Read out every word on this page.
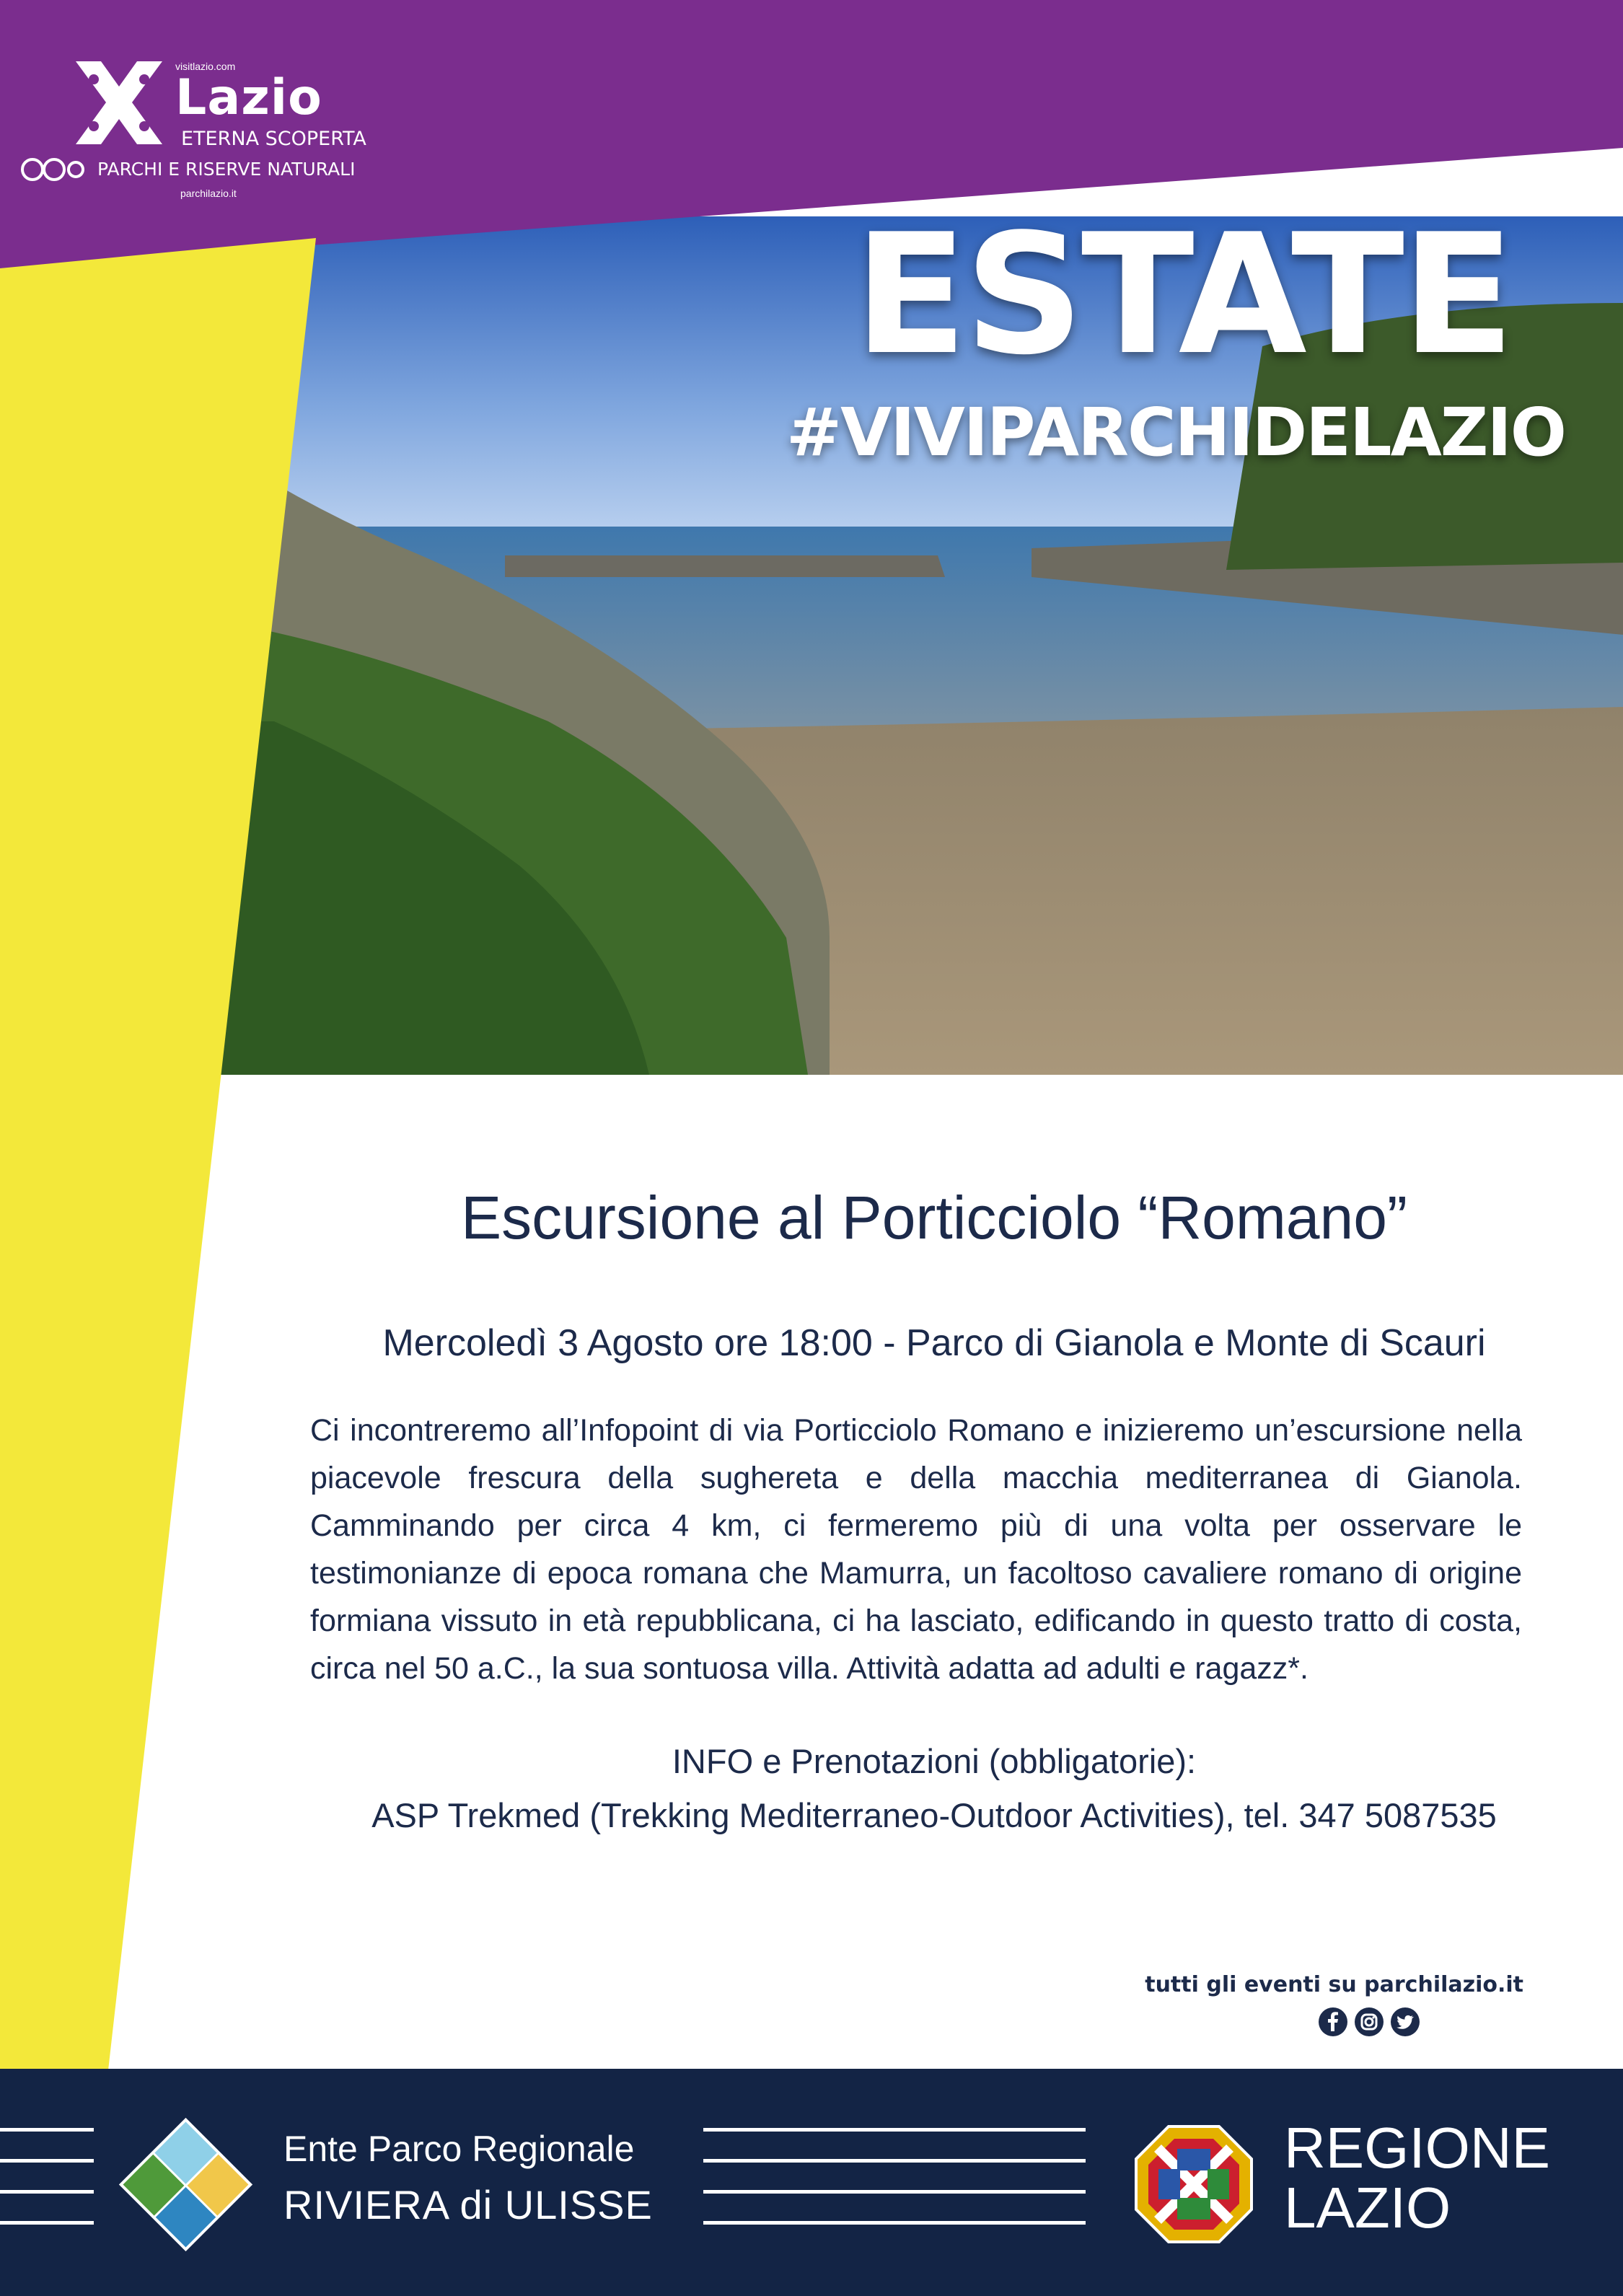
visitlazio.com
Lazio
ETERNA SCOPERTA
PARCHI E RISERVE NATURALI
parchilazio.it
ESTATE
#VIVIPARCHIDELAZIO
Escursione al Porticciolo “Romano”
Mercoledì 3 Agosto ore 18:00 - Parco di Gianola e Monte di Scauri

Ci incontreremo all’Infopoint di via Porticciolo Romano e inizieremo un’escursione nella piacevole frescura della sughereta e della macchia mediterranea di Gianola. Camminando per circa 4 km, ci fermeremo più di una volta per osservare le testimonianze di epoca romana che Mamurra, un facoltoso cavaliere romano di origine formiana vissuto in età repubblicana, ci ha lasciato, edificando in questo tratto di costa, circa nel 50 a.C., la sua sontuosa villa. Attività adatta ad adulti e ragazz*.

INFO e Prenotazioni (obbligatorie):
ASP Trekmed (Trekking Mediterraneo-Outdoor Activities), tel. 347 5087535
tutti gli eventi su parchilazio.it
Ente Parco Regionale
RIVIERA di ULISSE
REGIONE
LAZIO
